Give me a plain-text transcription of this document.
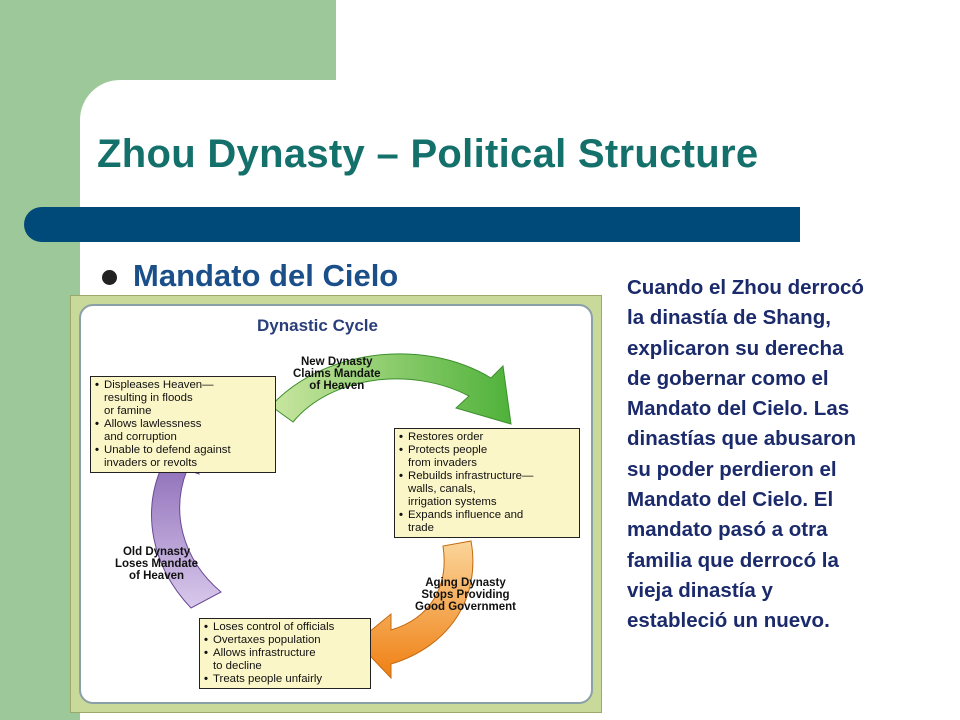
Zhou Dynasty – Political Structure
Mandato del Cielo	Cuando el Zhou derrocó
la dinastía de Shang,
explicaron su derecha
de gobernar como el
Mandato del Cielo. Las
dinastías que abusaron
su poder perdieron el
Mandato del Cielo. El
mandato pasó a otra
familia que derrocó la
vieja dinastía y
estableció un nuevo.
Dynastic Cycle
New Dynasty
Claims Mandate
of Heaven
Aging Dynasty
Stops Providing
Good Government
Old Dynasty
Loses Mandate
of Heaven
• Displeases Heaven—
resulting in floods
or famine
• Allows lawlessness
and corruption
• Unable to defend against
invaders or revolts
• Restores order
• Protects people
from invaders
• Rebuilds infrastructure—
walls, canals,
irrigation systems
• Expands influence and
trade
• Loses control of officials
• Overtaxes population
• Allows infrastructure
to decline
• Treats people unfairly
